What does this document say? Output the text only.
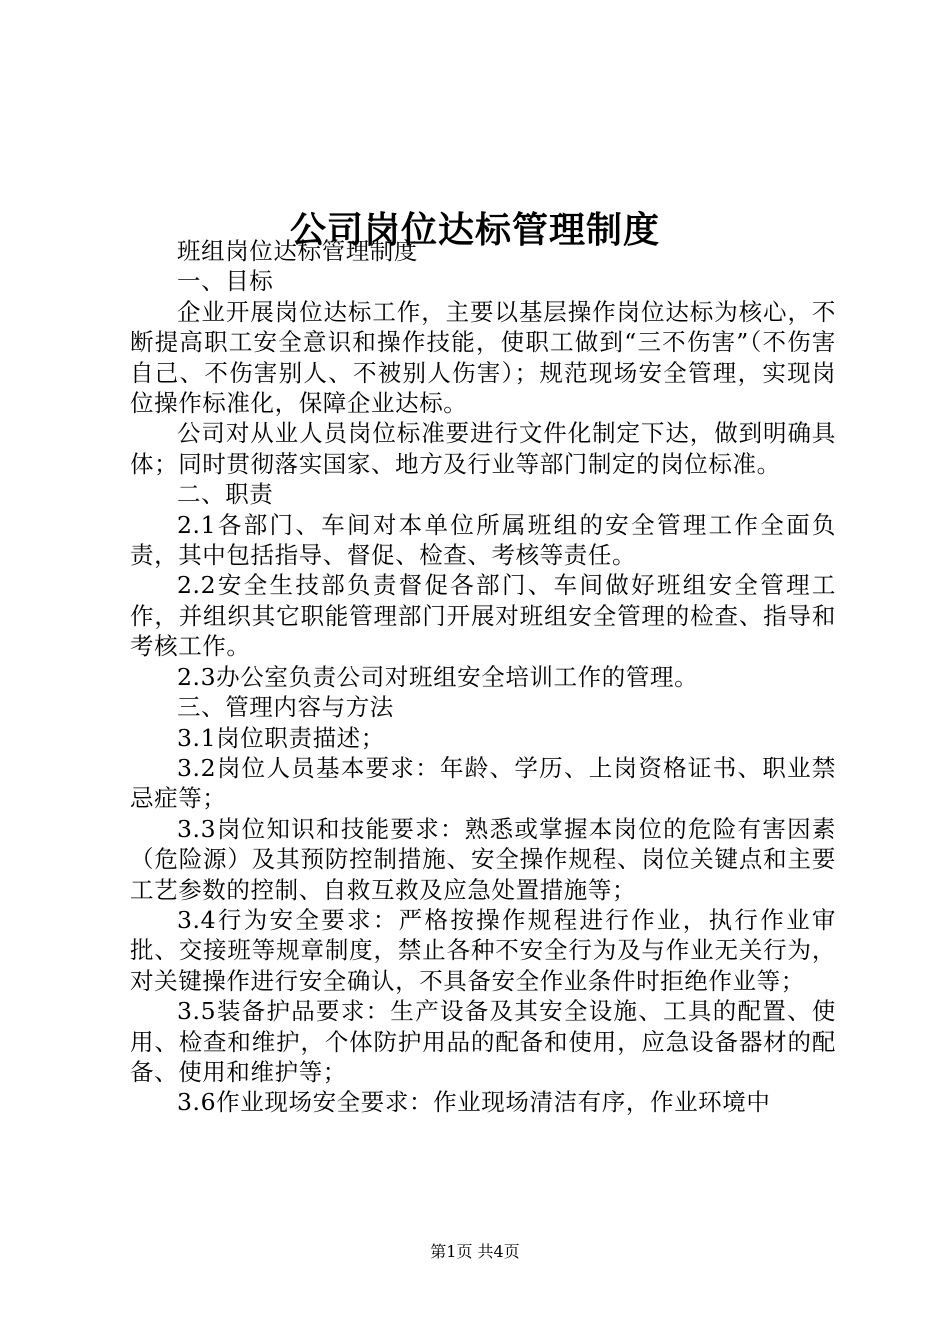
公司岗位达标管理制度

班组岗位达标管理制度

一、目标

企业开展岗位达标工作，主要以基层操作岗位达标为核心，不断提高职工安全意识和操作技能，使职工做到“三不伤害”（不伤害自己、不伤害别人、不被别人伤害）；规范现场安全管理，实现岗位操作标准化，保障企业达标。

公司对从业人员岗位标准要进行文件化制定下达，做到明确具体；同时贯彻落实国家、地方及行业等部门制定的岗位标准。

二、职责

2.1各部门、车间对本单位所属班组的安全管理工作全面负责，其中包括指导、督促、检查、考核等责任。

2.2安全生技部负责督促各部门、车间做好班组安全管理工作，并组织其它职能管理部门开展对班组安全管理的检查、指导和考核工作。

2.3办公室负责公司对班组安全培训工作的管理。

三、管理内容与方法

3.1岗位职责描述；

3.2岗位人员基本要求：年龄、学历、上岗资格证书、职业禁忌症等；

3.3岗位知识和技能要求：熟悉或掌握本岗位的危险有害因素（危险源）及其预防控制措施、安全操作规程、岗位关键点和主要工艺参数的控制、自救互救及应急处置措施等；

3.4行为安全要求：严格按操作规程进行作业，执行作业审批、交接班等规章制度，禁止各种不安全行为及与作业无关行为，对关键操作进行安全确认，不具备安全作业条件时拒绝作业等；

3.5装备护品要求：生产设备及其安全设施、工具的配置、使用、检查和维护，个体防护用品的配备和使用，应急设备器材的配备、使用和维护等；

3.6作业现场安全要求：作业现场清洁有序，作业环境中

第1页 共4页
